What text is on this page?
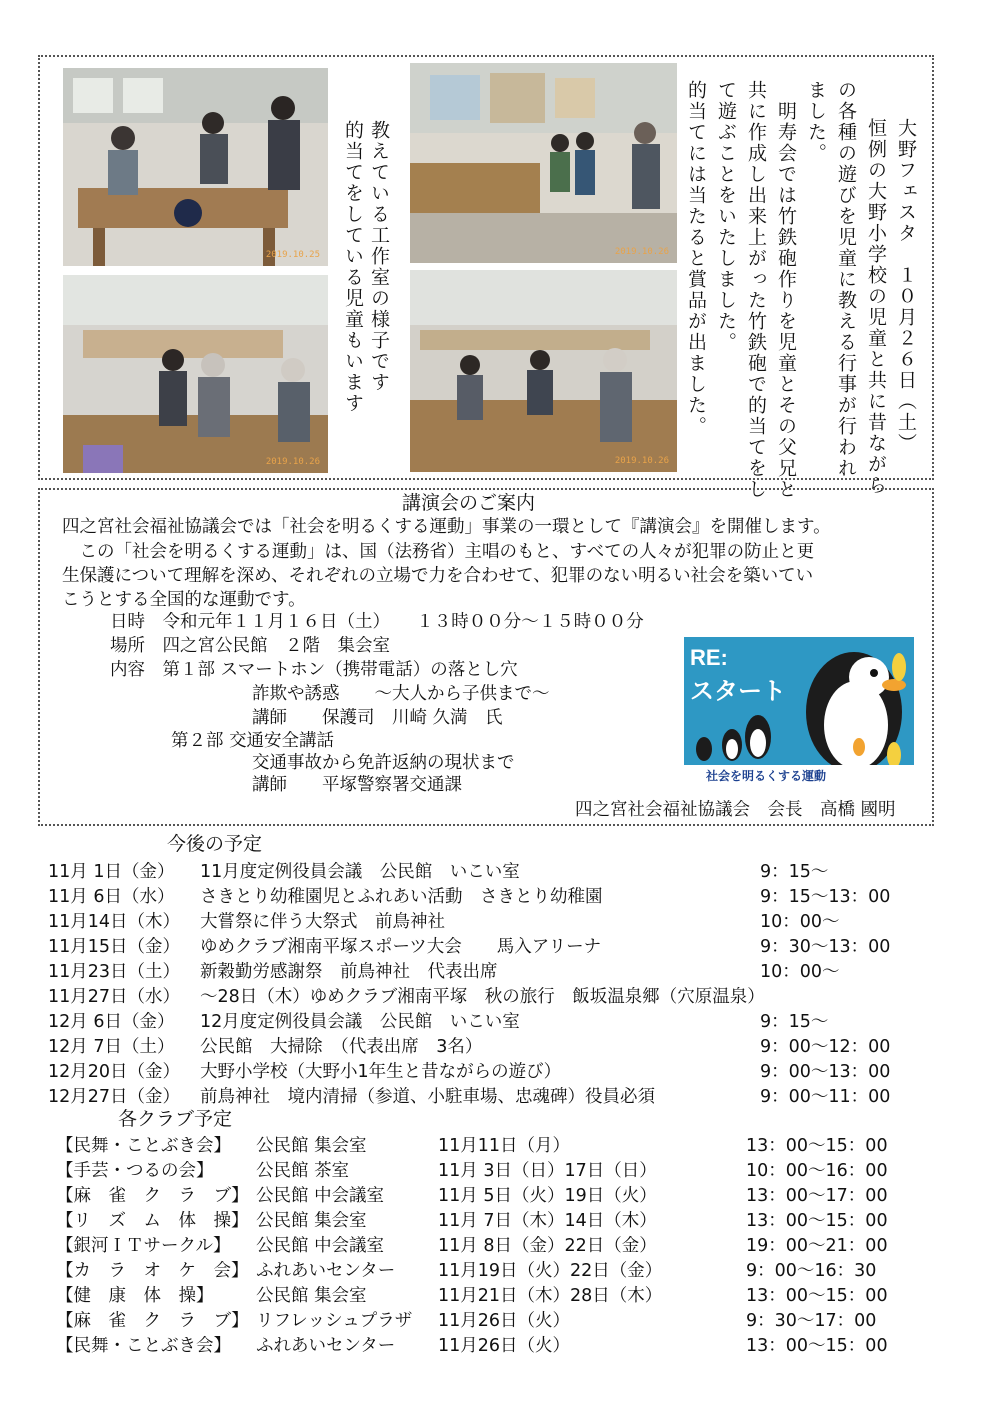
2019.10.25	2019.10.26
2019.10.26	2019.10.26
教えている工作室の様子です
的当てをしている児童もいます	大野フェスタ　１０月２６日（土）
恒例の大野小学校の児童と共に昔ながら
の各種の遊びを児童に教える行事が行われ
ました。
　明寿会では竹鉄砲作りを児童とその父兄と
共に作成し出来上がった竹鉄砲で的当てをし
て遊ぶことをいたしました。
的当てには当たると賞品が出ました。
講演会のご案内
四之宮社会福祉協議会では「社会を明るくする運動」事業の一環として『講演会』を開催します。
　この「社会を明るくする運動」は、国（法務省）主唱のもと、すべての人々が犯罪の防止と更
生保護について理解を深め、それぞれの立場で力を合わせて、犯罪のない明るい社会を築いてい
こうとする全国的な運動です。
日時　令和元年１１月１６日（土）　　１３時００分～１５時００分
場所　四之宮公民館　２階　集会室
内容　第１部 スマートホン（携帯電話）の落とし穴
詐欺や誘惑　　～大人から子供まで～
講師　　保護司　川崎 久満　氏
第２部 交通安全講話
交通事故から免許返納の現状まで
講師　　平塚警察署交通課
四之宮社会福祉協議会　会長　高橋 國明
RE:
スタート
社会を明るくする運動
今後の予定
11月 1日（金） 11月度定例役員会議　公民館　いこい室	9：15～
11月 6日（水） さきとり幼稚園児とふれあい活動　さきとり幼稚園	9：15～13：00
11月14日（木） 大嘗祭に伴う大祭式　前鳥神社	10：00～
11月15日（金） ゆめクラブ湘南平塚スポーツ大会　　馬入アリーナ	9：30～13：00
11月23日（土） 新穀勤労感謝祭　前鳥神社　代表出席	10：00～
11月27日（水） ～28日（木）ゆめクラブ湘南平塚　秋の旅行　飯坂温泉郷（穴原温泉）
12月 6日（金） 12月度定例役員会議　公民館　いこい室	9：15～
12月 7日（土） 公民館　大掃除　（代表出席　3名）	9：00～12：00
12月20日（金） 大野小学校（大野小1年生と昔ながらの遊び）	9：00～13：00
12月27日（金） 前鳥神社　境内清掃（参道、小駐車場、忠魂碑）役員必須	9：00～11：00
各クラブ予定
【民舞・ことぶき会】 公民館 集会室	11月11日（月）	13：00～15：00
【手芸・つるの会】 公民館 茶室	11月 3日（日）17日（日）	10：00～16：00
【麻　雀　ク　ラ　ブ】 公民館 中会議室	11月 5日（火）19日（火）	13：00～17：00
【リ　ズ　ム　体　操】 公民館 集会室	11月 7日（木）14日（木）	13：00～15：00
【銀河ＩＴサークル】 公民館 中会議室	11月 8日（金）22日（金）	19：00～21：00
【カ　ラ　オ　ケ　会】 ふれあいセンター 11月19日（火）22日（金）	9：00～16：30
【健　康　体　操】 公民館 集会室	11月21日（木）28日（木）	13：00～15：00
【麻　雀　ク　ラ　ブ】 リフレッシュプラザ 11月26日（火）	9：30～17：00
【民舞・ことぶき会】 ふれあいセンター 11月26日（火）	13：00～15：00
